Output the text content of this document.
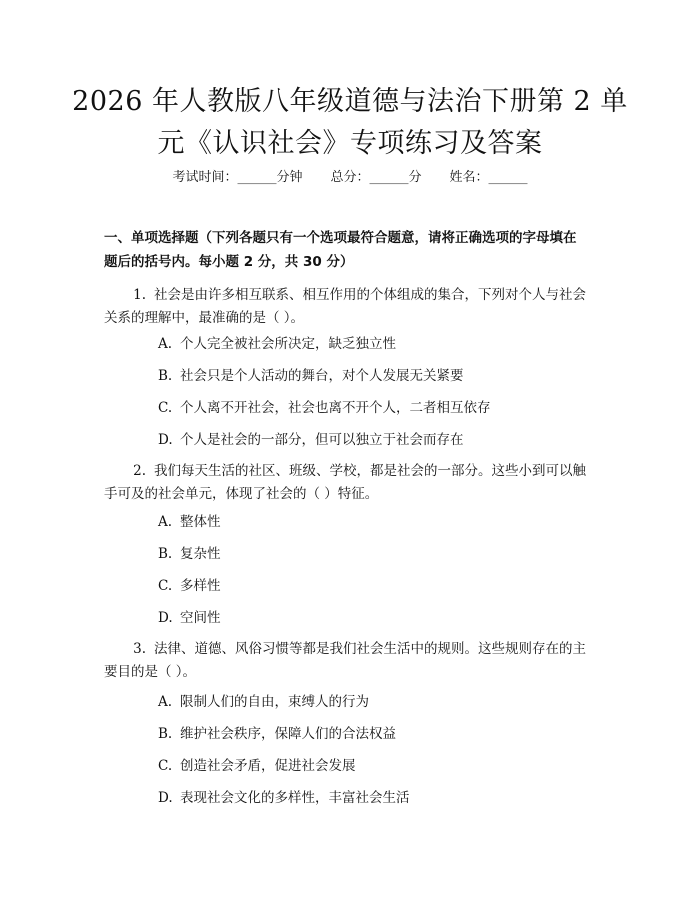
2026 年人教版八年级道德与法治下册第 2 单
元《认识社会》专项练习及答案
考试时间：______分钟 总分：______分 姓名：______
一、单项选择题（下列各题只有一个选项最符合题意，请将正确选项的字母填在
题后的括号内。每小题 2 分，共 30 分）
1. 社会是由许多相互联系、相互作用的个体组成的集合，下列对个人与社会
关系的理解中，最准确的是（ ）。
A. 个人完全被社会所决定，缺乏独立性
B. 社会只是个人活动的舞台，对个人发展无关紧要
C. 个人离不开社会，社会也离不开个人，二者相互依存
D. 个人是社会的一部分，但可以独立于社会而存在
2. 我们每天生活的社区、班级、学校，都是社会的一部分。这些小到可以触
手可及的社会单元，体现了社会的（ ）特征。
A. 整体性
B. 复杂性
C. 多样性
D. 空间性
3. 法律、道德、风俗习惯等都是我们社会生活中的规则。这些规则存在的主
要目的是（ ）。
A. 限制人们的自由，束缚人的行为
B. 维护社会秩序，保障人们的合法权益
C. 创造社会矛盾，促进社会发展
D. 表现社会文化的多样性，丰富社会生活
